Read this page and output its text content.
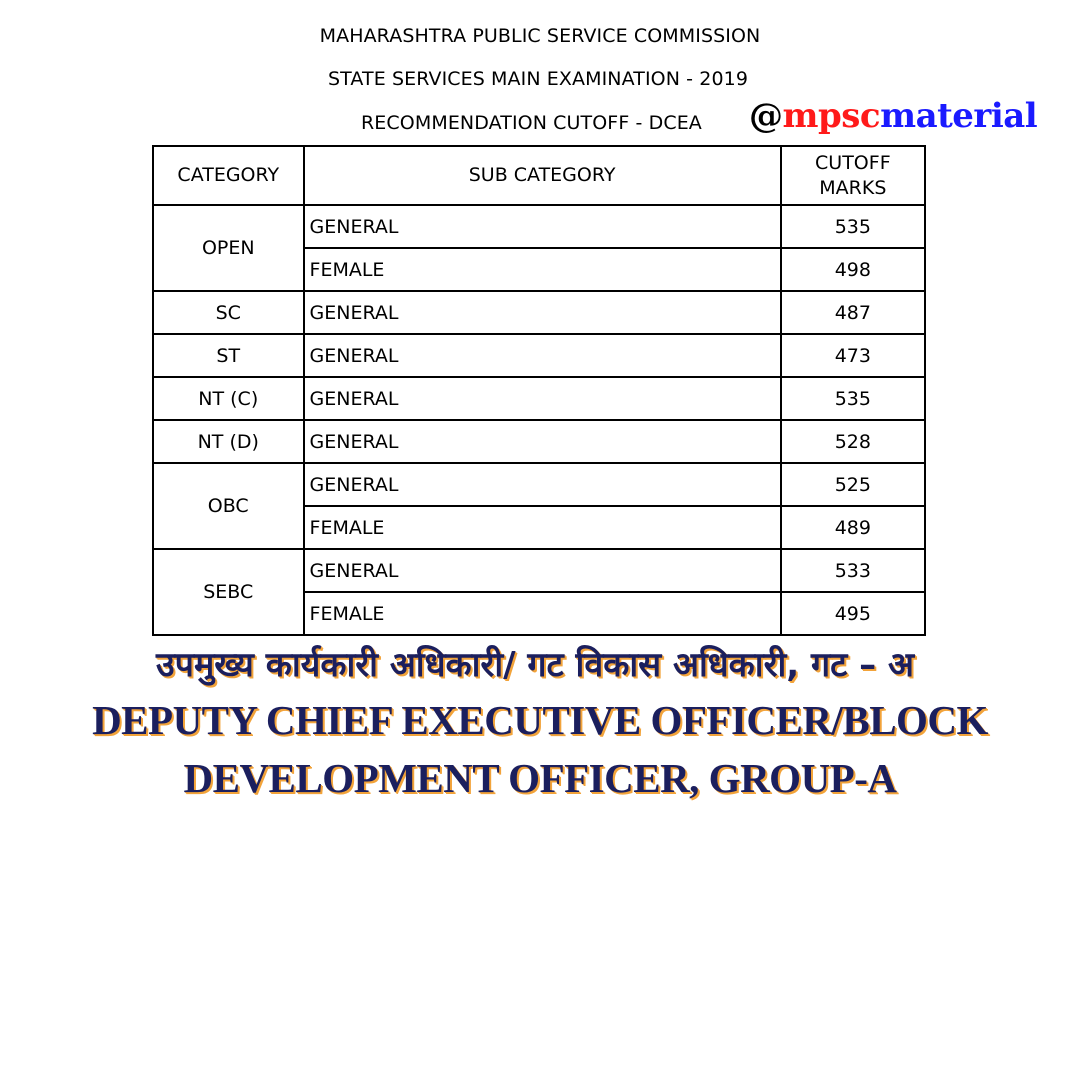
MAHARASHTRA PUBLIC SERVICE COMMISSION
STATE SERVICES MAIN EXAMINATION - 2019
RECOMMENDATION CUTOFF - DCEA @mpscmaterial
CATEGORY	SUB CATEGORY	CUTOFF
MARKS
OPEN	GENERAL	535
	FEMALE	498
SC	GENERAL	487
ST	GENERAL	473
NT (C)	GENERAL	535
NT (D)	GENERAL	528
OBC	GENERAL	525
	FEMALE	489
SEBC	GENERAL	533
	FEMALE	495
उपमुख्य कार्यकारी अधिकारी/ गट विकास अधिकारी, गट – अ
DEPUTY CHIEF EXECUTIVE OFFICER/BLOCK
DEVELOPMENT OFFICER, GROUP-A
